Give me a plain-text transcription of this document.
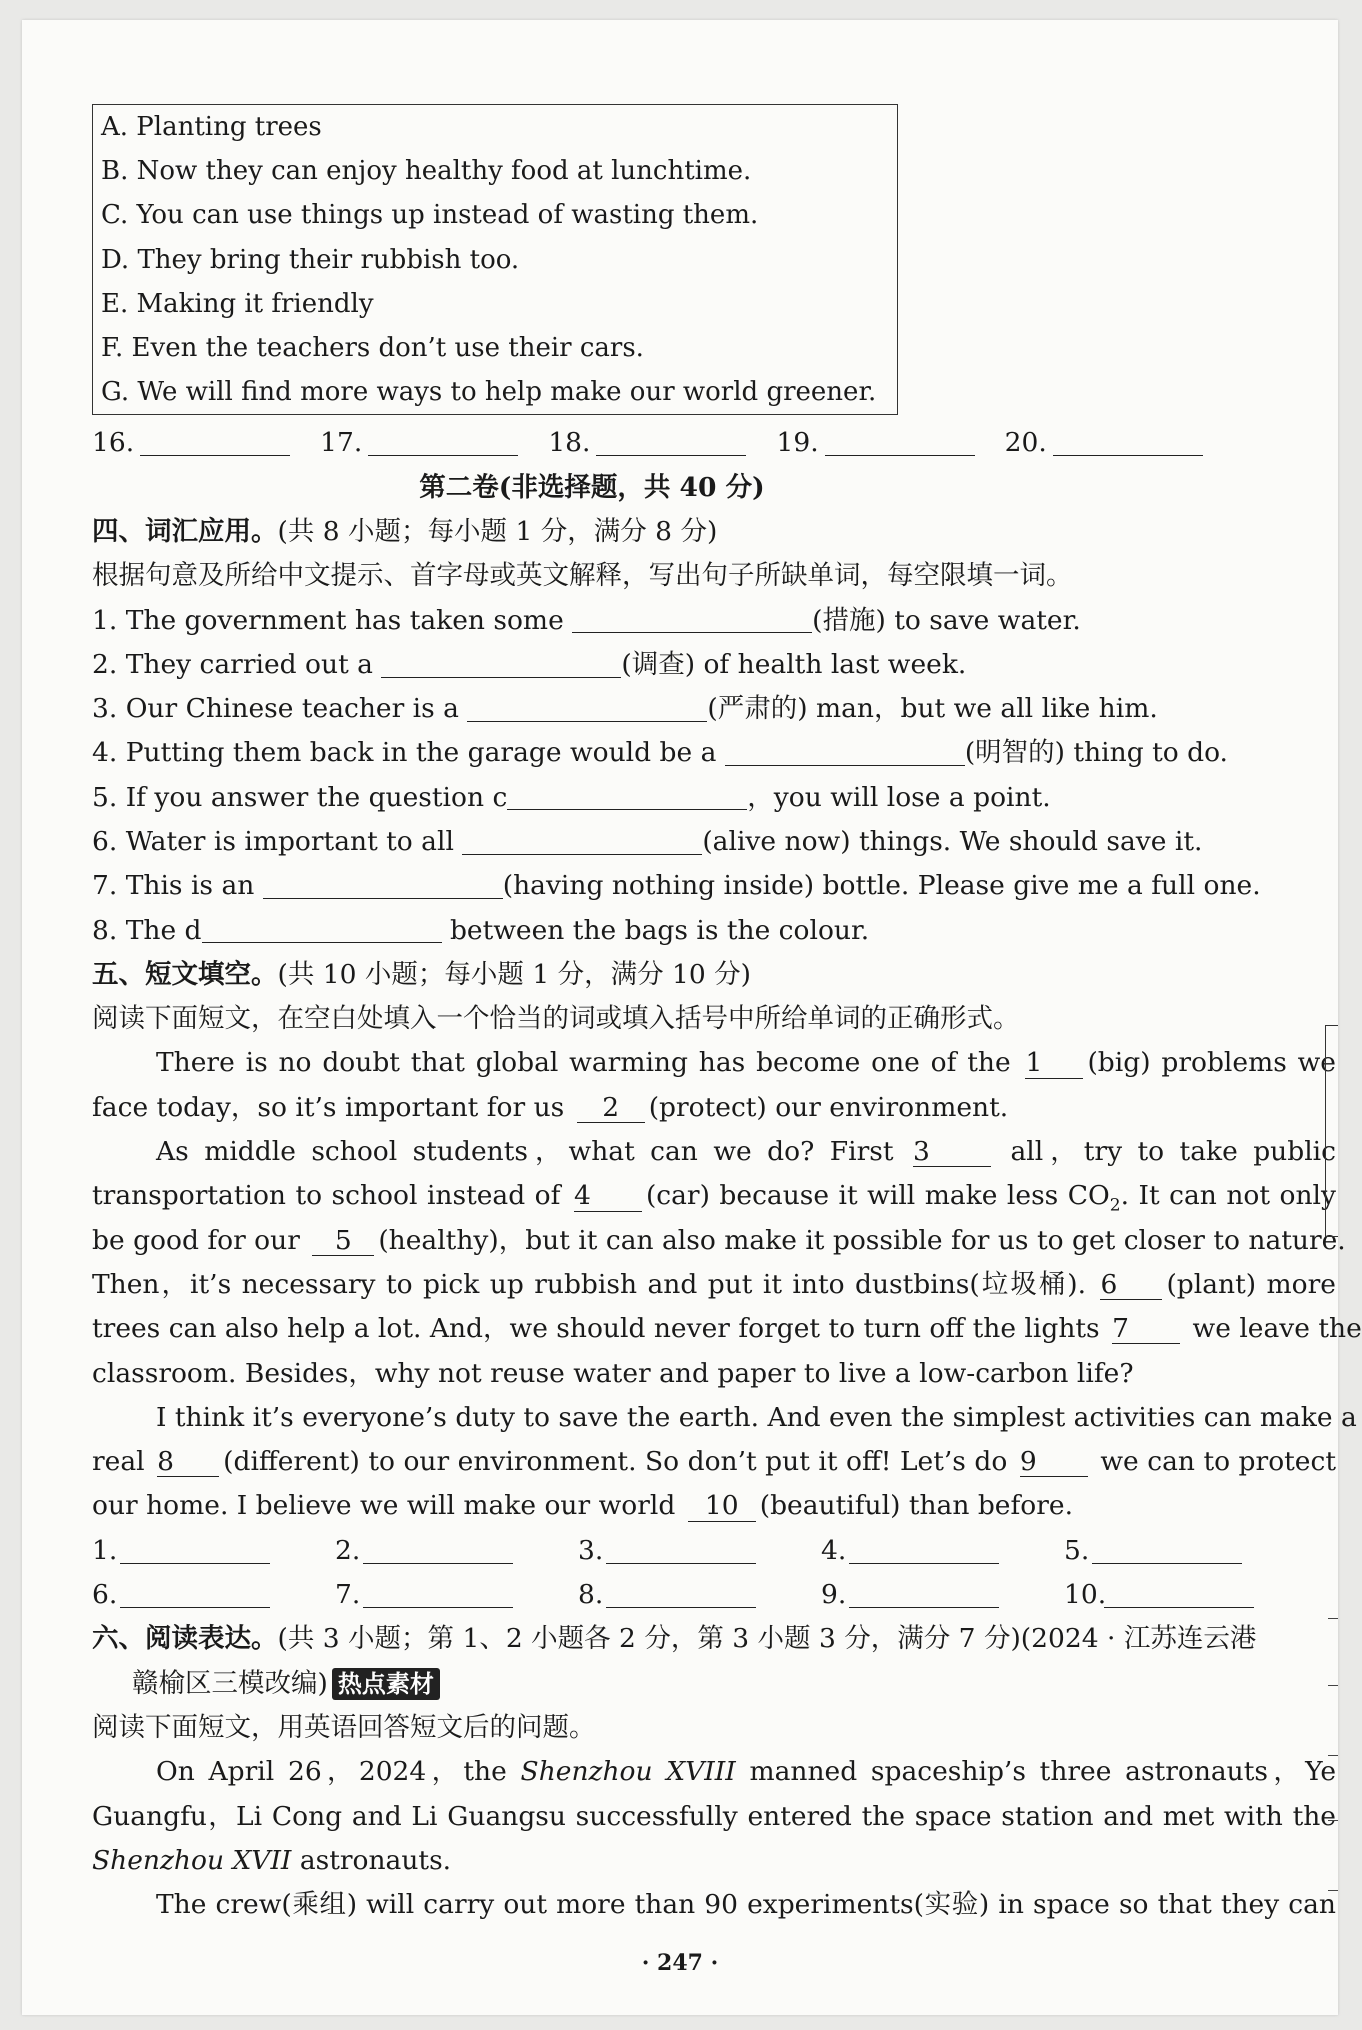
A. Planting trees
B. Now they can enjoy healthy food at lunchtime.
C. You can use things up instead of wasting them.
D. They bring their rubbish too.
E. Making it friendly
F. Even the teachers don’t use their cars.
G. We will find more ways to help make our world greener.
16.	17.	18.	19.	20.
第二卷(非选择题，共 40 分)
四、词汇应用。(共 8 小题；每小题 1 分，满分 8 分)
根据句意及所给中文提示、首字母或英文解释，写出句子所缺单词，每空限填一词。
1. The government has taken some	(措施) to save water.
2. They carried out a	(调查) of health last week.
3. Our Chinese teacher is a	(严肃的) man，but we all like him.
4. Putting them back in the garage would be a	(明智的) thing to do.
5. If you answer the question c	，you will lose a point.
6. Water is important to all	(alive now) things. We should save it.
7. This is an	(having nothing inside) bottle. Please give me a full one.
8. The d	between the bags is the colour.
五、短文填空。(共 10 小题；每小题 1 分，满分 10 分)
阅读下面短文，在空白处填入一个恰当的词或填入括号中所给单词的正确形式。
There is no doubt that global warming has become one of the 1 (big) problems we
face today，so it’s important for us 2 (protect) our environment.
As middle school students，what can we do? First 3	all，try to take public
transportation to school instead of 4 (car) because it will make less $CO_2$. It can not only
be good for our 5 (healthy)，but it can also make it possible for us to get closer to nature.
Then，it’s necessary to pick up rubbish and put it into dustbins(垃圾桶). 6 (plant) more
trees can also help a lot. And，we should never forget to turn off the lights 7 we leave the
classroom. Besides，why not reuse water and paper to live a low-carbon life?
I think it’s everyone’s duty to save the earth. And even the simplest activities can make a
real 8 (different) to our environment. So don’t put it off! Let’s do 9 we can to protect
our home. I believe we will make our world 10 (beautiful) than before.
1.	2.	3.	4.	5.
6.	7.	8.	9.	10.
六、阅读表达。(共 3 小题；第 1、2 小题各 2 分，第 3 小题 3 分，满分 7 分)(2024 · 江苏连云港
赣榆区三模改编) 热点素材
阅读下面短文，用英语回答短文后的问题。
On April 26，2024，the Shenzhou XVIII manned spaceship’s three astronauts，Ye
Guangfu，Li Cong and Li Guangsu successfully entered the space station and met with the
Shenzhou XVII astronauts.
The crew(乘组) will carry out more than 90 experiments(实验) in space so that they can
· 247 ·
